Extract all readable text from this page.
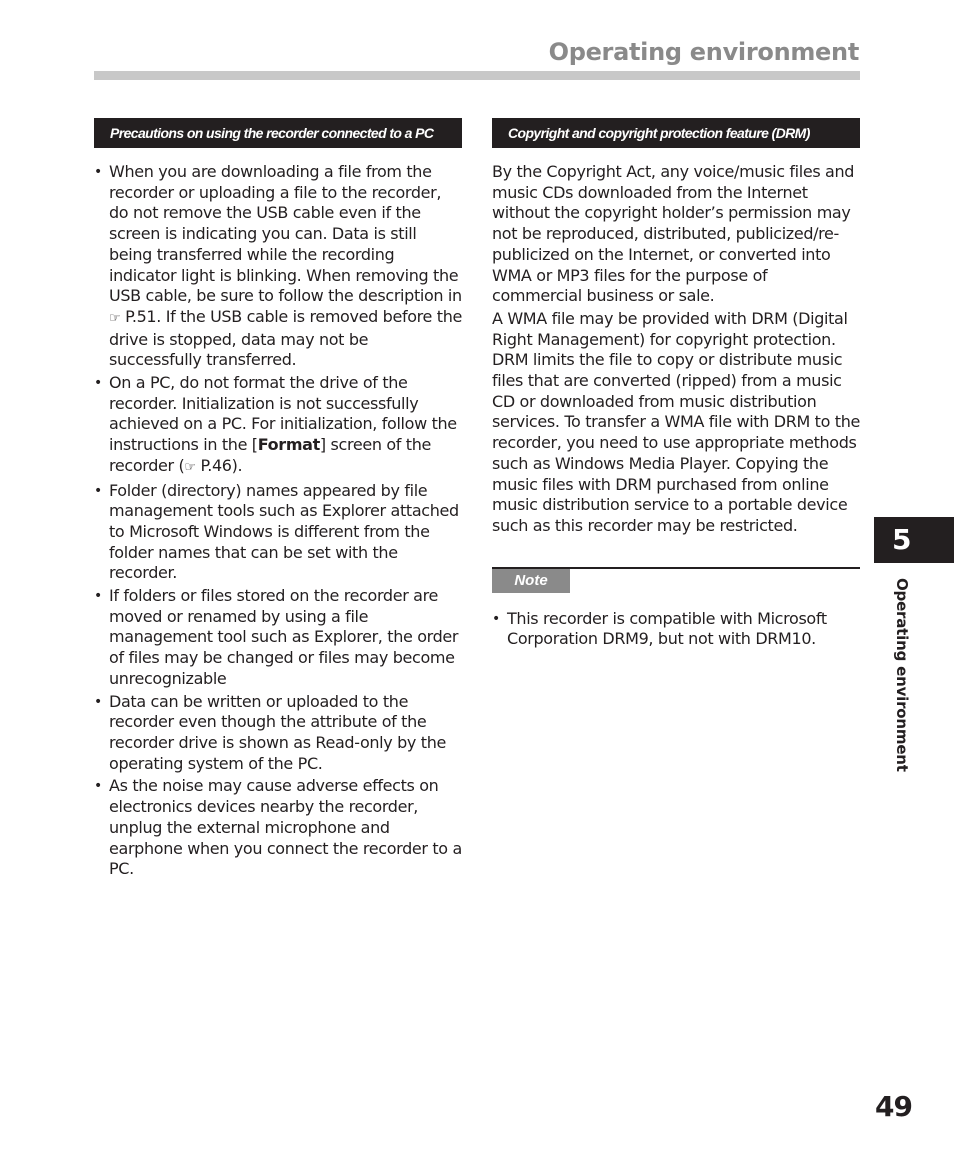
Operating environment
Precautions on using the recorder connected to a PC
• When you are downloading a file from the recorder or uploading a file to the recorder, do not remove the USB cable even if the screen is indicating you can. Data is still being transferred while the recording indicator light is blinking. When removing the USB cable, be sure to follow the description in ☞ P.51. If the USB cable is removed before the drive is stopped, data may not be successfully transferred.
• On a PC, do not format the drive of the recorder. Initialization is not successfully achieved on a PC. For initialization, follow the instructions in the [Format] screen of the recorder (☞ P.46).
• Folder (directory) names appeared by file management tools such as Explorer attached to Microsoft Windows is different from the folder names that can be set with the recorder.
• If folders or files stored on the recorder are moved or renamed by using a file management tool such as Explorer, the order of files may be changed or files may become unrecognizable
• Data can be written or uploaded to the recorder even though the attribute of the recorder drive is shown as Read-only by the operating system of the PC.
• As the noise may cause adverse effects on electronics devices nearby the recorder, unplug the external microphone and earphone when you connect the recorder to a PC.
Copyright and copyright protection feature (DRM)

By the Copyright Act, any voice/music files and music CDs downloaded from the Internet without the copyright holder’s permission may not be reproduced, distributed, publicized/re-publicized on the Internet, or converted into WMA or MP3 files for the purpose of commercial business or sale.

A WMA file may be provided with DRM (Digital Right Management) for copyright protection. DRM limits the file to copy or distribute music files that are converted (ripped) from a music CD or downloaded from music distribution services. To transfer a WMA file with DRM to the recorder, you need to use appropriate methods such as Windows Media Player. Copying the music files with DRM purchased from online music distribution service to a portable device such as this recorder may be restricted.

Note
• This recorder is compatible with Microsoft Corporation DRM9, but not with DRM10.
5
Operating environment
49
